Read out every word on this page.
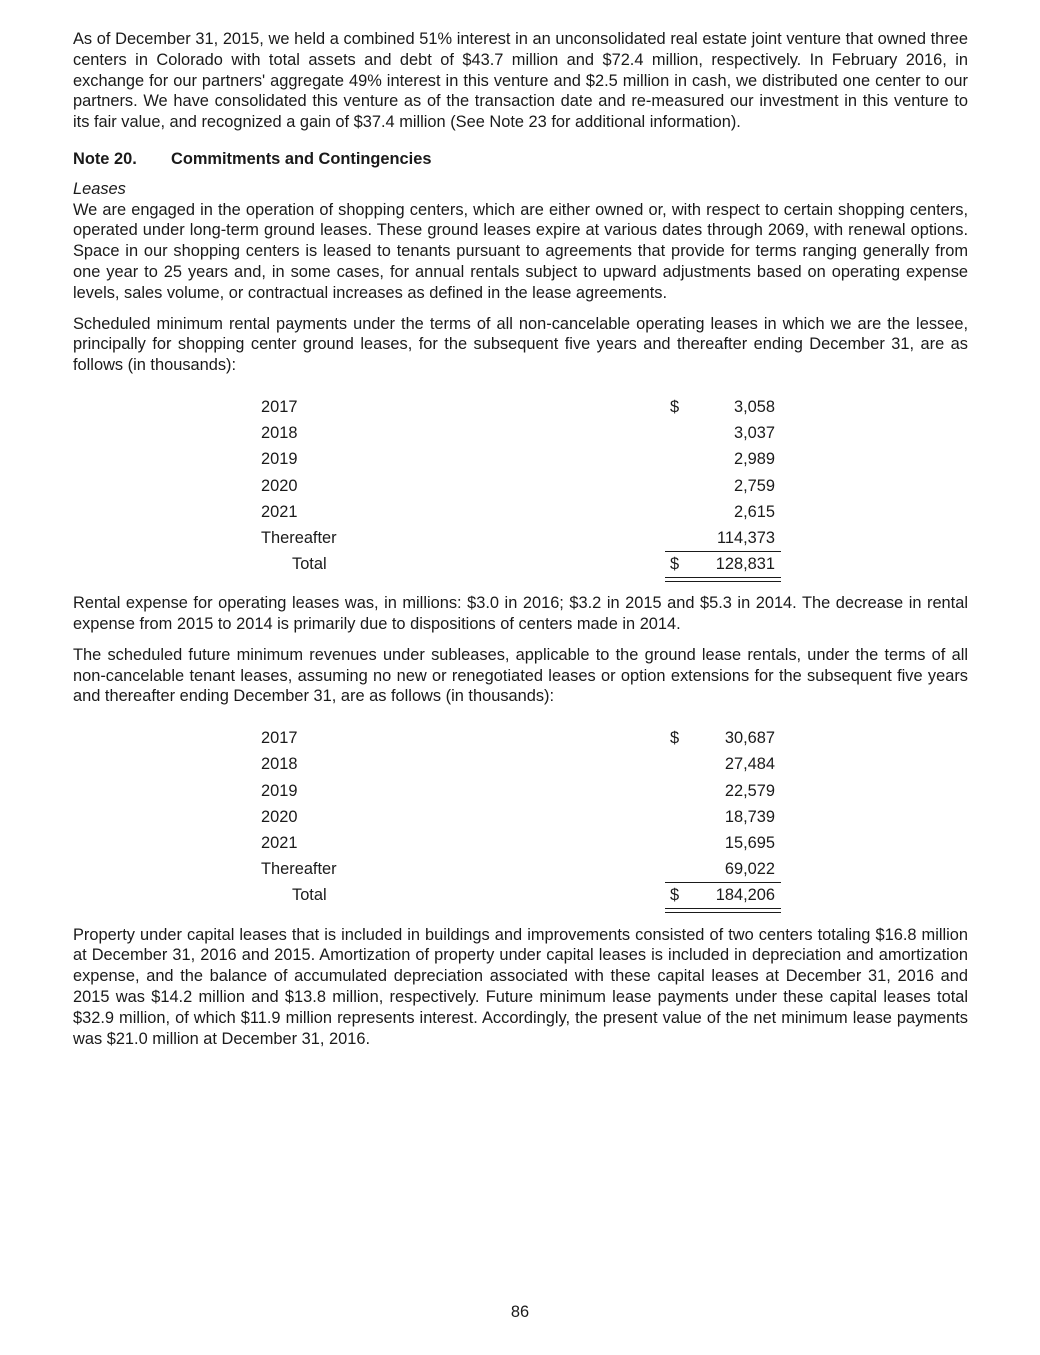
As of December 31, 2015, we held a combined 51% interest in an unconsolidated real estate joint venture that owned three centers in Colorado with total assets and debt of $43.7 million and $72.4 million, respectively. In February 2016, in exchange for our partners' aggregate 49% interest in this venture and $2.5 million in cash, we distributed one center to our partners. We have consolidated this venture as of the transaction date and re-measured our investment in this venture to its fair value, and recognized a gain of $37.4 million (See Note 23 for additional information).

Note 20.	Commitments and Contingencies
Leases

We are engaged in the operation of shopping centers, which are either owned or, with respect to certain shopping centers, operated under long-term ground leases. These ground leases expire at various dates through 2069, with renewal options. Space in our shopping centers is leased to tenants pursuant to agreements that provide for terms ranging generally from one year to 25 years and, in some cases, for annual rentals subject to upward adjustments based on operating expense levels, sales volume, or contractual increases as defined in the lease agreements.

Scheduled minimum rental payments under the terms of all non-cancelable operating leases in which we are the lessee, principally for shopping center ground leases, for the subsequent five years and thereafter ending December 31, are as follows (in thousands):

2017	$	3,058
2018	3,037
2019	2,989
2020	2,759
2021	2,615
Thereafter	114,373
Total	$ 128,831

Rental expense for operating leases was, in millions: $3.0 in 2016; $3.2 in 2015 and $5.3 in 2014. The decrease in rental expense from 2015 to 2014 is primarily due to dispositions of centers made in 2014.

The scheduled future minimum revenues under subleases, applicable to the ground lease rentals, under the terms of all non-cancelable tenant leases, assuming no new or renegotiated leases or option extensions for the subsequent five years and thereafter ending December 31, are as follows (in thousands):

2017	$	30,687
2018	27,484
2019	22,579
2020	18,739
2021	15,695
Thereafter	69,022
Total	$ 184,206

Property under capital leases that is included in buildings and improvements consisted of two centers totaling $16.8 million at December 31, 2016 and 2015. Amortization of property under capital leases is included in depreciation and amortization expense, and the balance of accumulated depreciation associated with these capital leases at December 31, 2016 and 2015 was $14.2 million and $13.8 million, respectively. Future minimum lease payments under these capital leases total $32.9 million, of which $11.9 million represents interest. Accordingly, the present value of the net minimum lease payments was $21.0 million at December 31, 2016.

86
